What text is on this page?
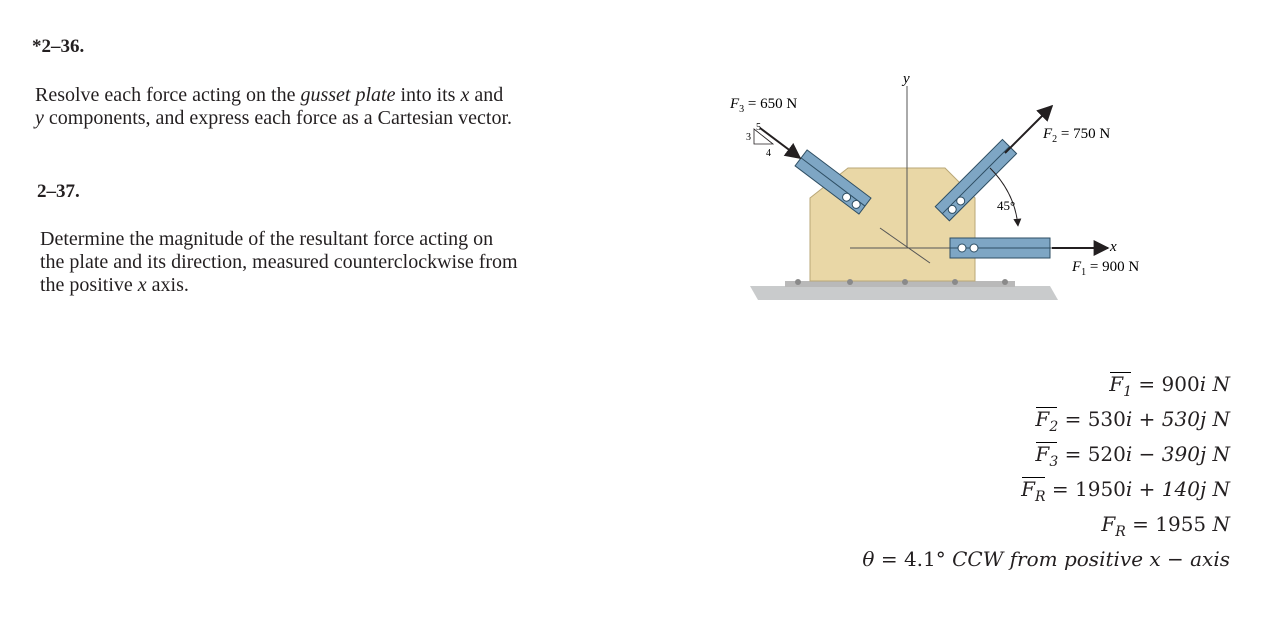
*2–36.
Resolve each force acting on the gusset plate into its x and
y components, and express each force as a Cartesian vector.
2–37.
Determine the magnitude of the resultant force acting on
the plate and its direction, measured counterclockwise from
the positive x axis.
y
x
$F_3 = 650$ N
$F_2 = 750$ N
$F_1 = 900$ N
45°
3
5
4
$F_1 = 900i$ N
$F_2 = 530i + 530j$ N
$F_3 = 520i - 390j$ N
$F_R = 1950i + 140j$ N
$F_R = 1955$ N
θ = 4.1° CCW from positive x − axis
